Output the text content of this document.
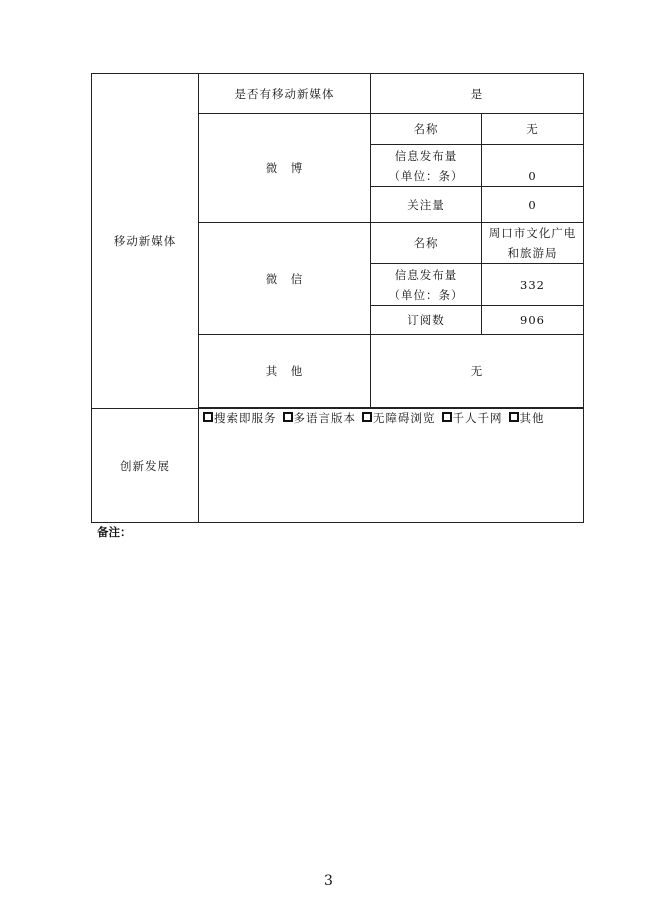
移动新媒体	是否有移动新媒体	是	
	微　博	名称	无

		信息发布量
（单位：条）	0

		关注量	0
	微　信	名称	周口市文化广电
和旅游局

		信息发布量
（单位：条）	332
		订阅数	906
	其　他	无	

创新发展	搜索即服务 多语言版本 无障碍浏览 千人千网 其他		
备注：
3
